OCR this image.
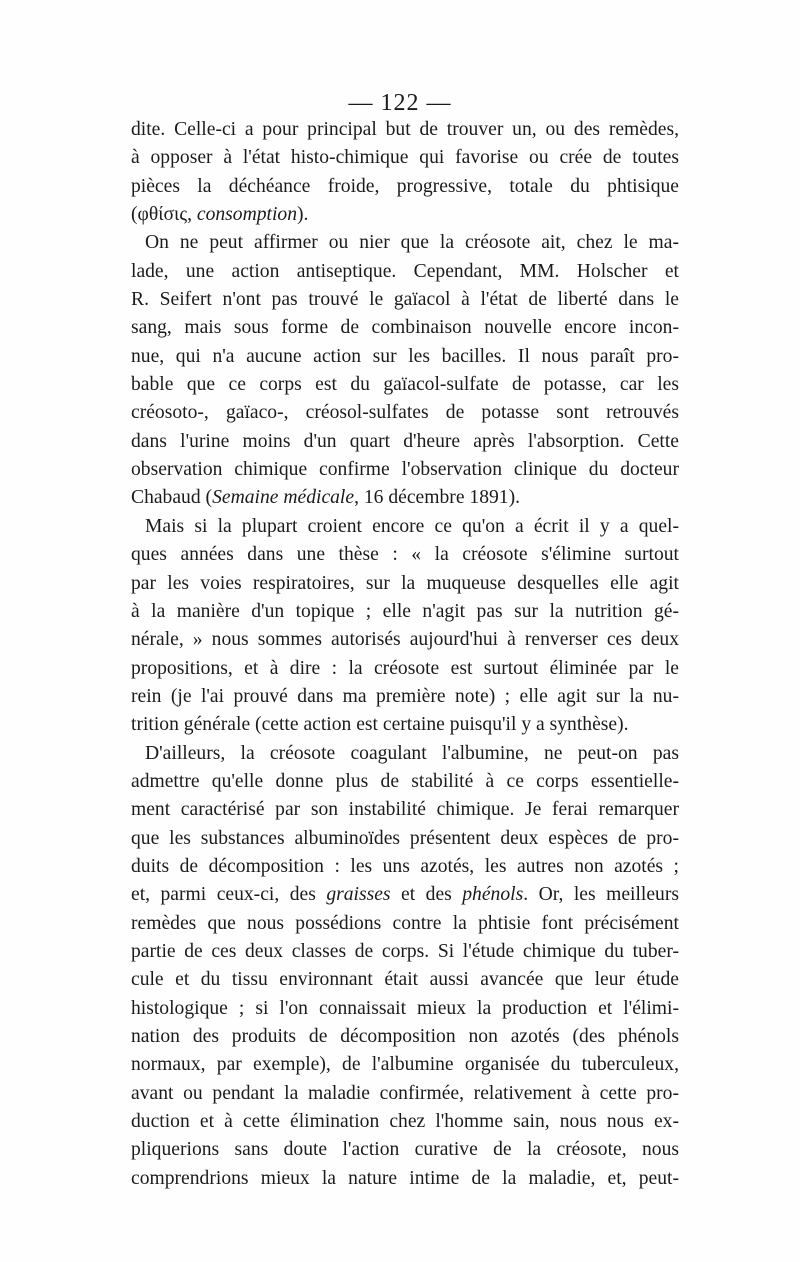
— 122 —
dite. Celle-ci a pour principal but de trouver un, ou des remèdes,
à opposer à l'état histo-chimique qui favorise ou crée de toutes
pièces la déchéance froide, progressive, totale du phtisique
(φθίσις, consomption).
On ne peut affirmer ou nier que la créosote ait, chez le ma-
lade, une action antiseptique. Cependant, MM. Holscher et
R. Seifert n'ont pas trouvé le gaïacol à l'état de liberté dans le
sang, mais sous forme de combinaison nouvelle encore incon-
nue, qui n'a aucune action sur les bacilles. Il nous paraît pro-
bable que ce corps est du gaïacol-sulfate de potasse, car les
créosoto-, gaïaco-, créosol-sulfates de potasse sont retrouvés
dans l'urine moins d'un quart d'heure après l'absorption. Cette
observation chimique confirme l'observation clinique du docteur
Chabaud (Semaine médicale, 16 décembre 1891).
Mais si la plupart croient encore ce qu'on a écrit il y a quel-
ques années dans une thèse : « la créosote s'élimine surtout
par les voies respiratoires, sur la muqueuse desquelles elle agit
à la manière d'un topique ; elle n'agit pas sur la nutrition gé-
nérale, » nous sommes autorisés aujourd'hui à renverser ces deux
propositions, et à dire : la créosote est surtout éliminée par le
rein (je l'ai prouvé dans ma première note) ; elle agit sur la nu-
trition générale (cette action est certaine puisqu'il y a synthèse).
D'ailleurs, la créosote coagulant l'albumine, ne peut-on pas
admettre qu'elle donne plus de stabilité à ce corps essentielle-
ment caractérisé par son instabilité chimique. Je ferai remarquer
que les substances albuminoïdes présentent deux espèces de pro-
duits de décomposition : les uns azotés, les autres non azotés ;
et, parmi ceux-ci, des graisses et des phénols. Or, les meilleurs
remèdes que nous possédions contre la phtisie font précisément
partie de ces deux classes de corps. Si l'étude chimique du tuber-
cule et du tissu environnant était aussi avancée que leur étude
histologique ; si l'on connaissait mieux la production et l'élimi-
nation des produits de décomposition non azotés (des phénols
normaux, par exemple), de l'albumine organisée du tuberculeux,
avant ou pendant la maladie confirmée, relativement à cette pro-
duction et à cette élimination chez l'homme sain, nous nous ex-
pliquerions sans doute l'action curative de la créosote, nous
comprendrions mieux la nature intime de la maladie, et, peut-
